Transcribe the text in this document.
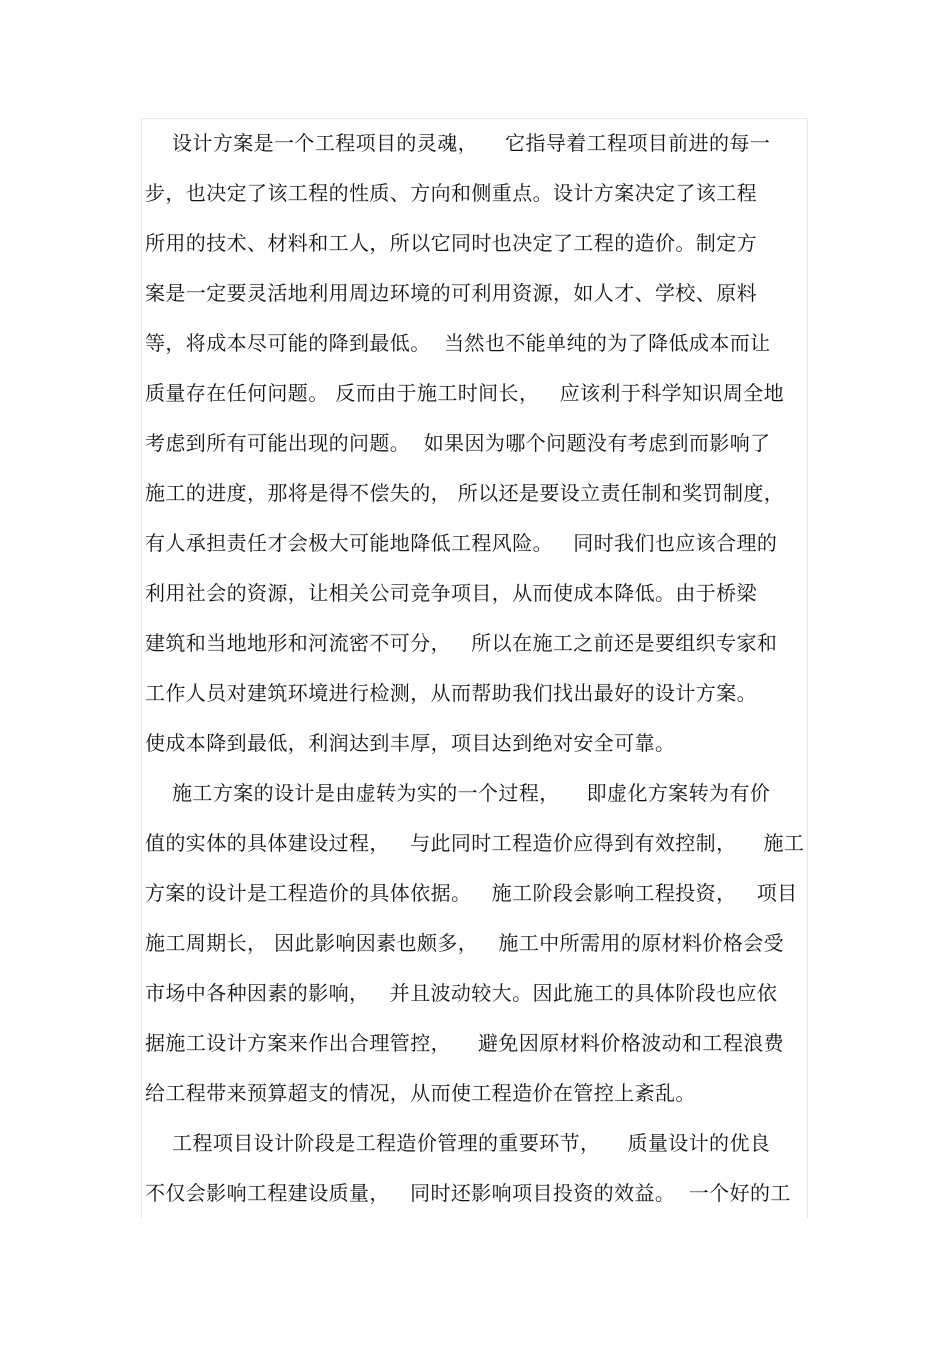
设计方案是一个工程项目的灵魂，    它指导着工程项目前进的每一
步，也决定了该工程的性质、方向和侧重点。设计方案决定了该工程
所用的技术、材料和工人，所以它同时也决定了工程的造价。制定方
案是一定要灵活地利用周边环境的可利用资源，如人才、学校、原料
等，将成本尽可能的降到最低。  当然也不能单纯的为了降低成本而让
质量存在任何问题。 反而由于施工时间长，   应该利于科学知识周全地
考虑到所有可能出现的问题。  如果因为哪个问题没有考虑到而影响了
施工的进度，那将是得不偿失的， 所以还是要设立责任制和奖罚制度，
有人承担责任才会极大可能地降低工程风险。   同时我们也应该合理的
利用社会的资源，让相关公司竞争项目，从而使成本降低。由于桥梁
建筑和当地地形和河流密不可分，   所以在施工之前还是要组织专家和
工作人员对建筑环境进行检测，从而帮助我们找出最好的设计方案。
使成本降到最低，利润达到丰厚，项目达到绝对安全可靠。
施工方案的设计是由虚转为实的一个过程，    即虚化方案转为有价
值的实体的具体建设过程，   与此同时工程造价应得到有效控制，    施工
方案的设计是工程造价的具体依据。   施工阶段会影响工程投资，   项目
施工周期长， 因此影响因素也颇多，   施工中所需用的原材料价格会受
市场中各种因素的影响，   并且波动较大。因此施工的具体阶段也应依
据施工设计方案来作出合理管控，    避免因原材料价格波动和工程浪费
给工程带来预算超支的情况，从而使工程造价在管控上紊乱。
工程项目设计阶段是工程造价管理的重要环节，    质量设计的优良
不仅会影响工程建设质量，   同时还影响项目投资的效益。  一个好的工
